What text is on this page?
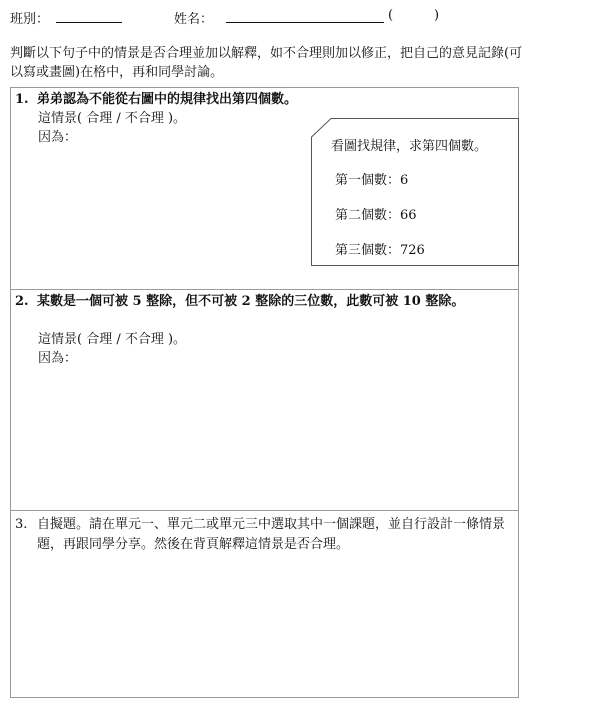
班別：	姓名：	(	)
判斷以下句子中的情景是否合理並加以解釋，如不合理則加以修正，把自己的意見記錄(可以寫或畫圖)在格中，再和同學討論。
1. 弟弟認為不能從右圖中的規律找出第四個數。
這情景( 合理 / 不合理 )。
因為：
看圖找規律，求第四個數。
第一個數：6
第二個數：66
第三個數：726
2. 某數是一個可被 5 整除，但不可被 2 整除的三位數，此數可被 10 整除。
這情景( 合理 / 不合理 )。
因為：
3. 自擬題。請在單元一、單元二或單元三中選取其中一個課題，並自行設計一條情景題，再跟同學分享。然後在背頁解釋這情景是否合理。
